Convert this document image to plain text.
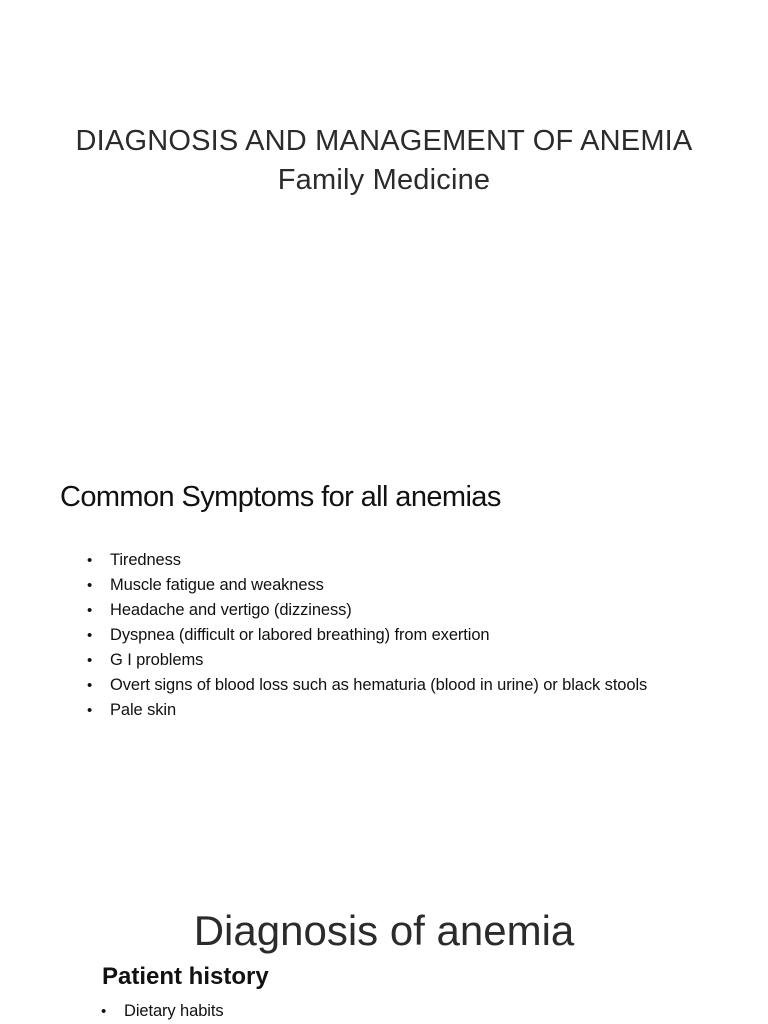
DIAGNOSIS AND MANAGEMENT OF ANEMIA
Family Medicine
Common Symptoms for all anemias
• Tiredness
• Muscle fatigue and weakness
• Headache and vertigo (dizziness)
• Dyspnea (difficult or labored breathing) from exertion
• G I problems
• Overt signs of blood loss such as hematuria (blood in urine) or black stools
• Pale skin
Diagnosis of anemia
Patient history
• Dietary habits
